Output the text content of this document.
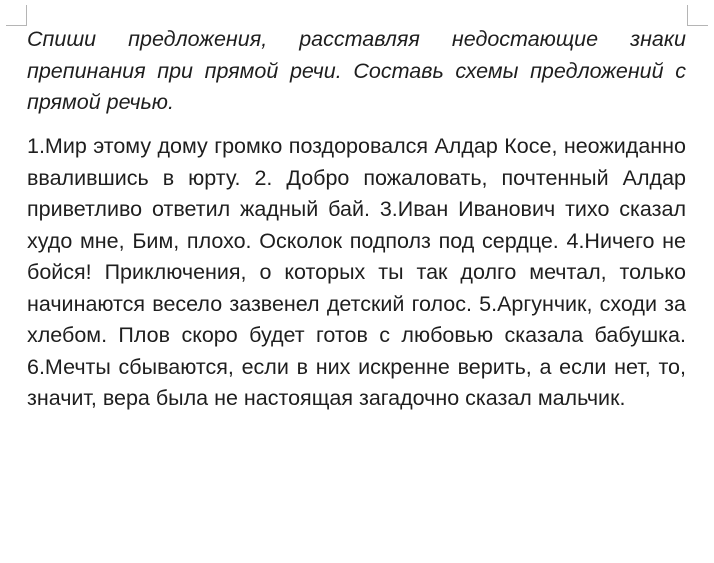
Спиши предложения, расставляя недостающие знаки препинания при прямой речи. Составь схемы предложений с прямой речью.

1.Мир этому дому громко поздоровался Алдар Косе, неожиданно ввалившись в юрту. 2. Добро пожаловать, почтенный Алдар приветливо ответил жадный бай. 3.Иван Иванович тихо сказал худо мне, Бим, плохо. Осколок подполз под сердце. 4.Ничего не бойся! Приключения, о которых ты так долго мечтал, только начинаются весело зазвенел детский голос. 5.Аргунчик, сходи за хлебом. Плов скоро будет готов с любовью сказала бабушка. 6.Мечты сбываются, если в них искренне верить, а если нет, то, значит, вера была не настоящая загадочно сказал мальчик.
